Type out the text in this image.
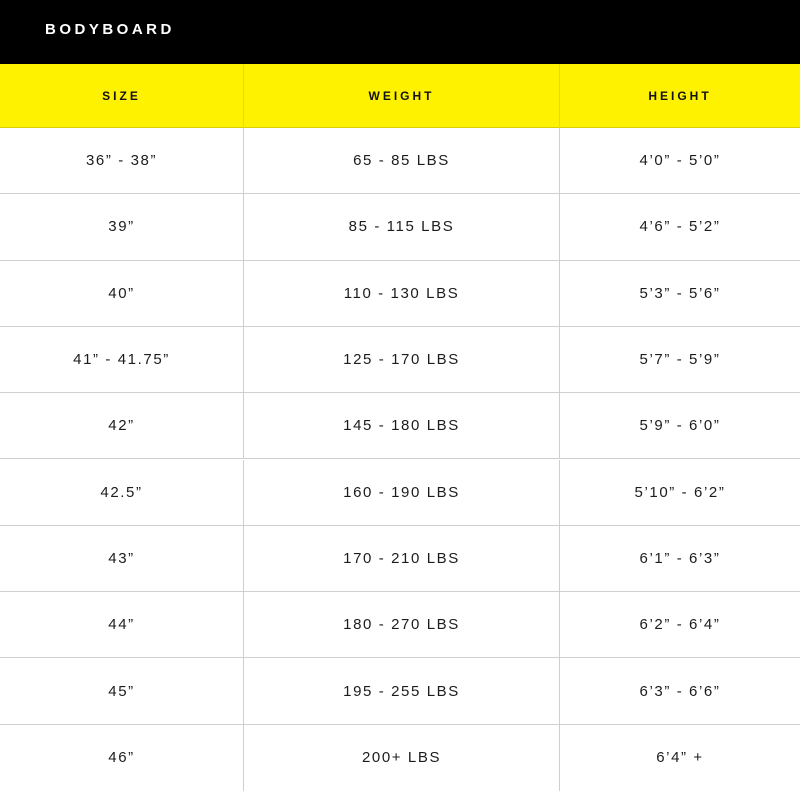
BODYBOARD
SIZE	WEIGHT	HEIGHT
36” - 38”	65 - 85 LBS	4’0” - 5’0”
39”	85 - 115 LBS	4’6” - 5’2”
40”	110 - 130 LBS	5’3” - 5’6”
41” - 41.75”	125 - 170 LBS	5’7” - 5’9”
42”	145 - 180 LBS	5’9” - 6’0”
42.5”	160 - 190 LBS	5’10” - 6’2”
43”	170 - 210 LBS	6’1” - 6’3”
44”	180 - 270 LBS	6’2” - 6’4”
45”	195 - 255 LBS	6’3” - 6’6”
46”	200+ LBS	6’4” +
